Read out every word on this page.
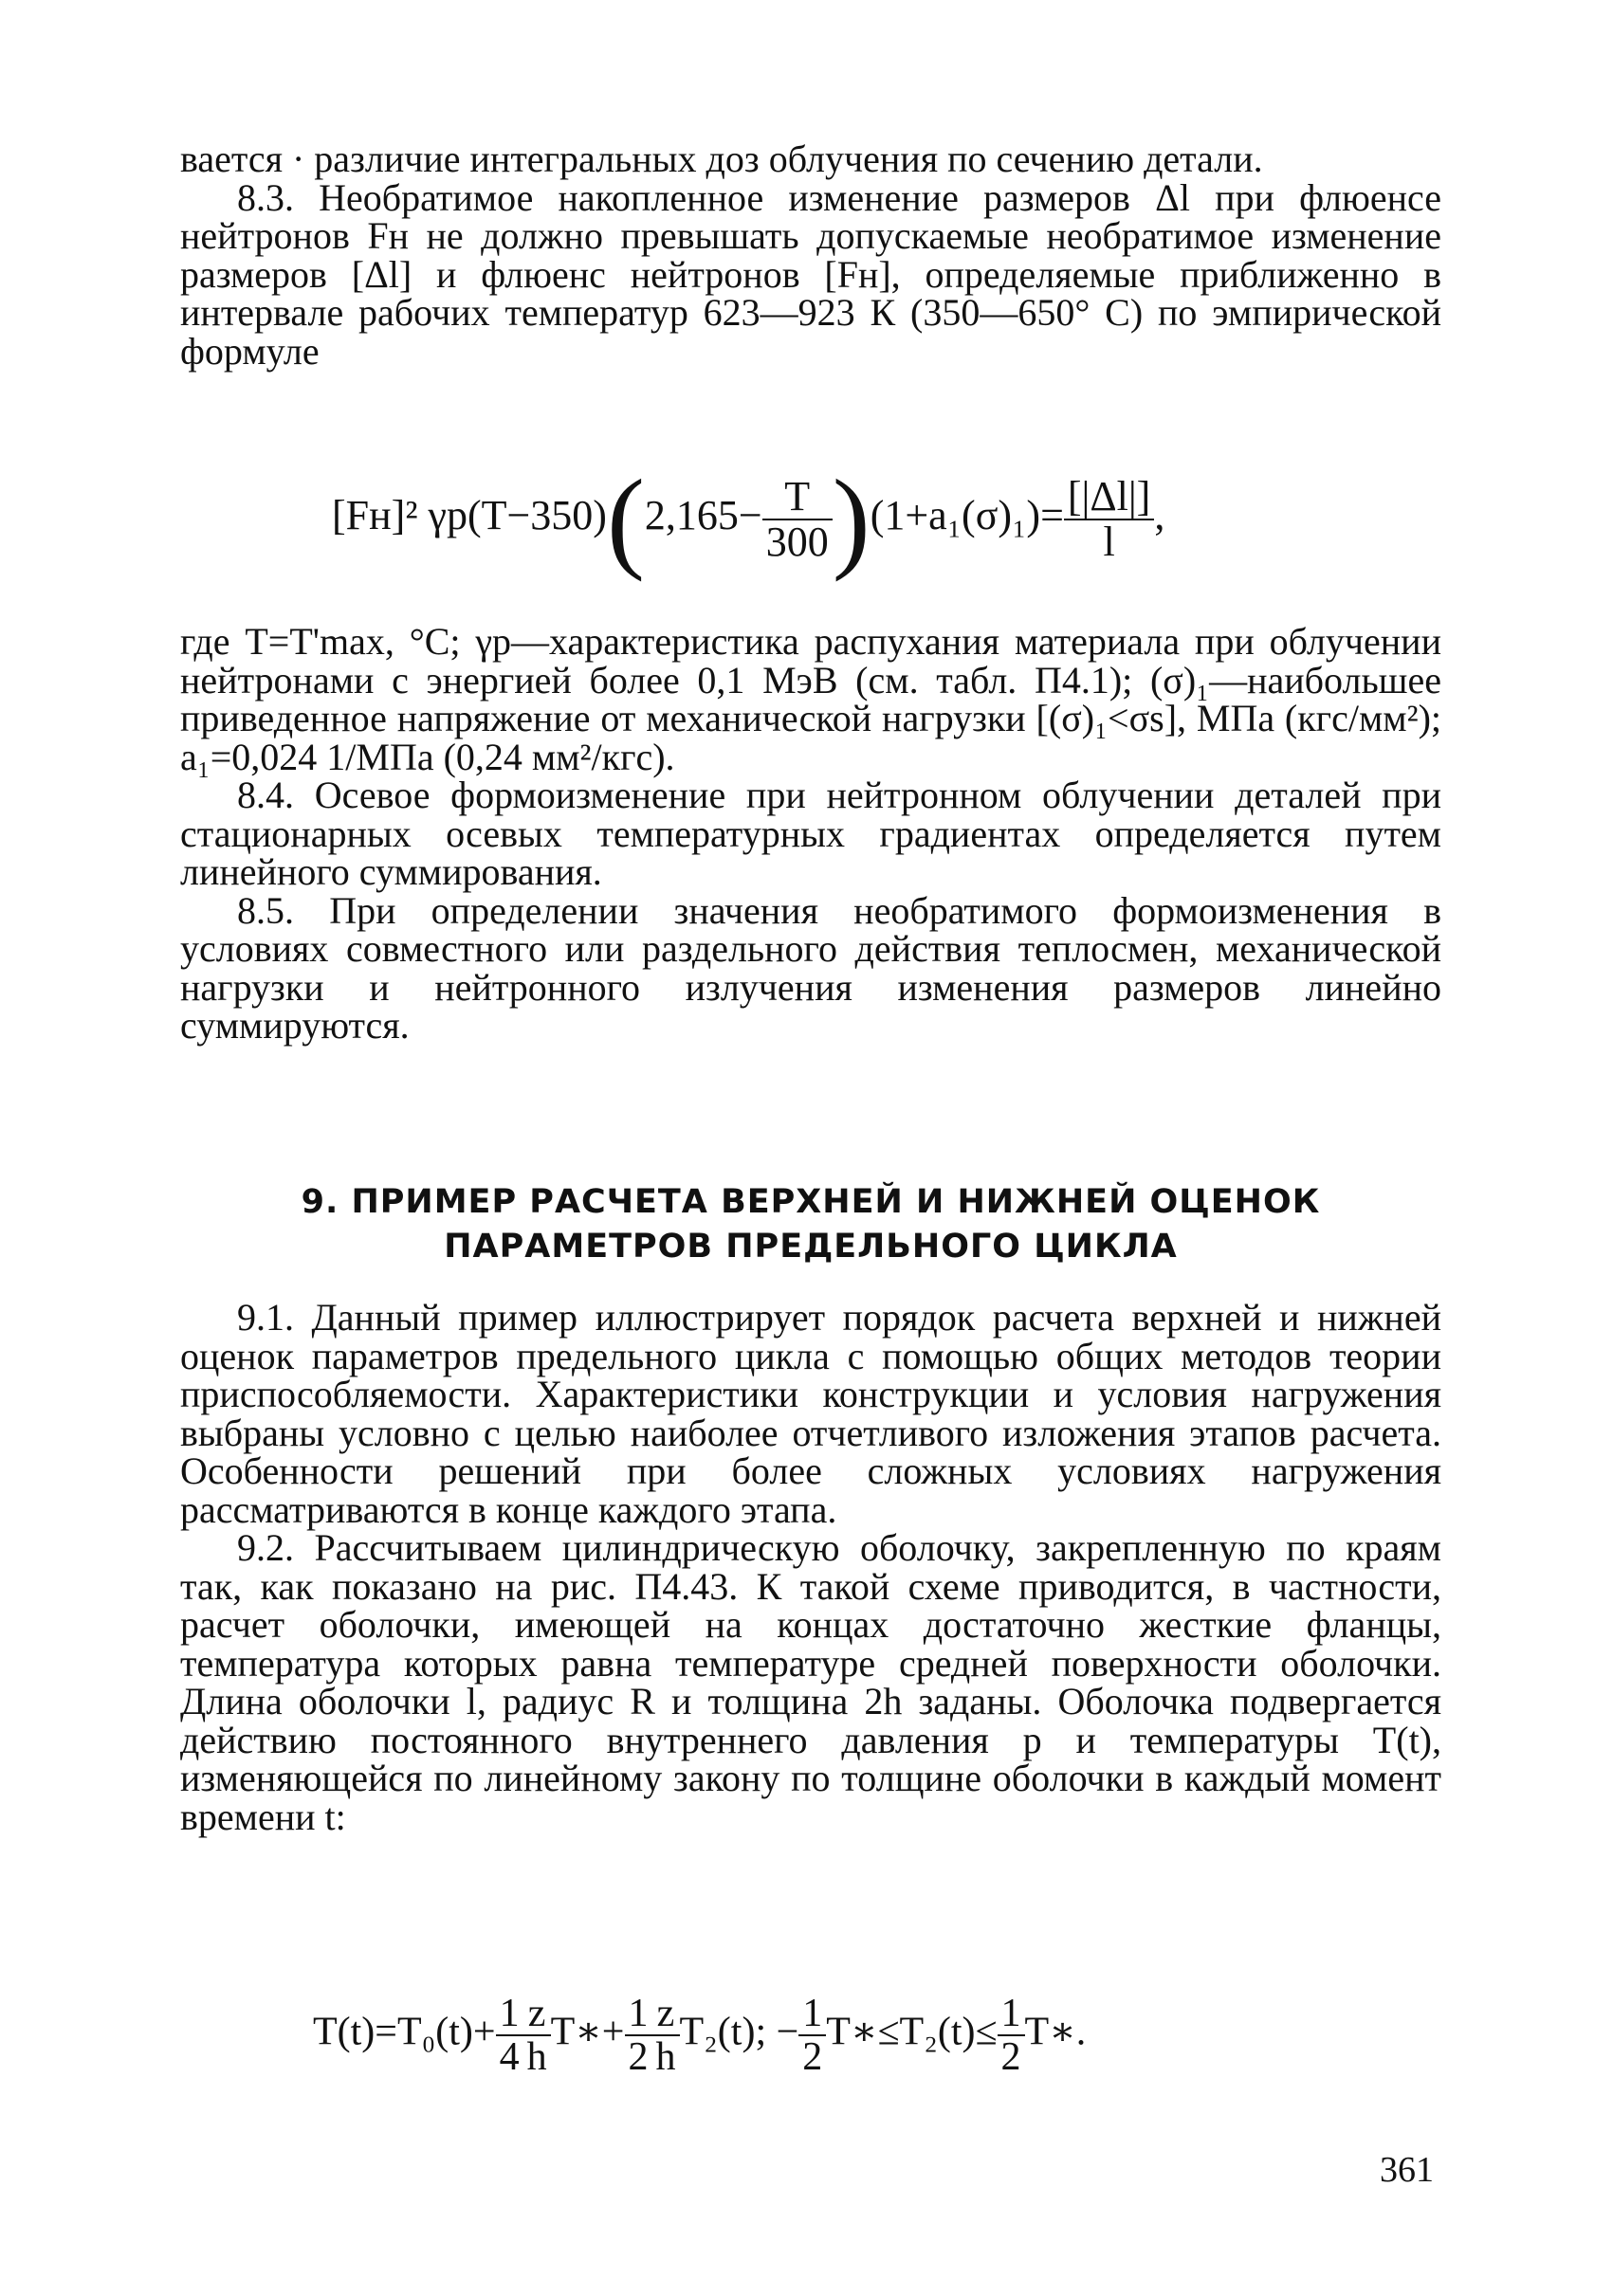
вается · различие интегральных доз облучения по сечению детали.

8.3. Необратимое накопленное изменение размеров Δl при флюенсе нейтронов Fн не должно превышать допускаемые необратимое изменение размеров [Δl] и флюенс нейтронов [Fн], определяемые приближенно в интервале рабочих температур 623—923 К (350—650° С) по эмпирической формуле

[Fн]² $\gamma р(T-350)(2,165- \frac{T}{300} )(1+a_1(\sigma)_1)= \frac{[|\Delta l|]}{l}$ ,

где T=T'max, °C; γр—характеристика распухания материала при облучении нейтронами с энергией более 0,1 МэВ (см. табл. П4.1); (σ)₁—наибольшее приведенное напряжение от механической нагрузки [(σ)₁<σs], МПа (кгс/мм²); a₁=0,024 1/МПа (0,24 мм²/кгс).

8.4. Осевое формоизменение при нейтронном облучении деталей при стационарных осевых температурных градиентах определяется путем линейного суммирования.

8.5. При определении значения необратимого формоизменения в условиях совместного или раздельного действия теплосмен, механической нагрузки и нейтронного излучения изменения размеров линейно суммируются.

9. ПРИМЕР РАСЧЕТА ВЕРХНЕЙ И НИЖНЕЙ ОЦЕНОК
ПАРАМЕТРОВ ПРЕДЕЛЬНОГО ЦИКЛА

9.1. Данный пример иллюстрирует порядок расчета верхней и нижней оценок параметров предельного цикла с помощью общих методов теории приспособляемости. Характеристики конструкции и условия нагружения выбраны условно с целью наиболее отчетливого изложения этапов расчета. Особенности решений при более сложных условиях нагружения рассматриваются в конце каждого этапа.

9.2. Рассчитываем цилиндрическую оболочку, закрепленную по краям так, как показано на рис. П4.43. К такой схеме приводится, в частности, расчет оболочки, имеющей на концах достаточно жесткие фланцы, температура которых равна температуре средней поверхности оболочки. Длина оболочки l, радиус R и толщина 2h заданы. Оболочка подвергается действию постоянного внутреннего давления p и температуры T(t), изменяющейся по линейному закону по толщине оболочки в каждый момент времени t:

$T(t)=T_0(t)+ \frac{1}{4} \frac{z}{h}$ T∗+ $\frac{1}{2} \frac{z}{h} T_2(t)$; − $\frac{1}{2}$ T∗≤T₂(t)≤ $\frac{1}{2}$ T∗.
361
